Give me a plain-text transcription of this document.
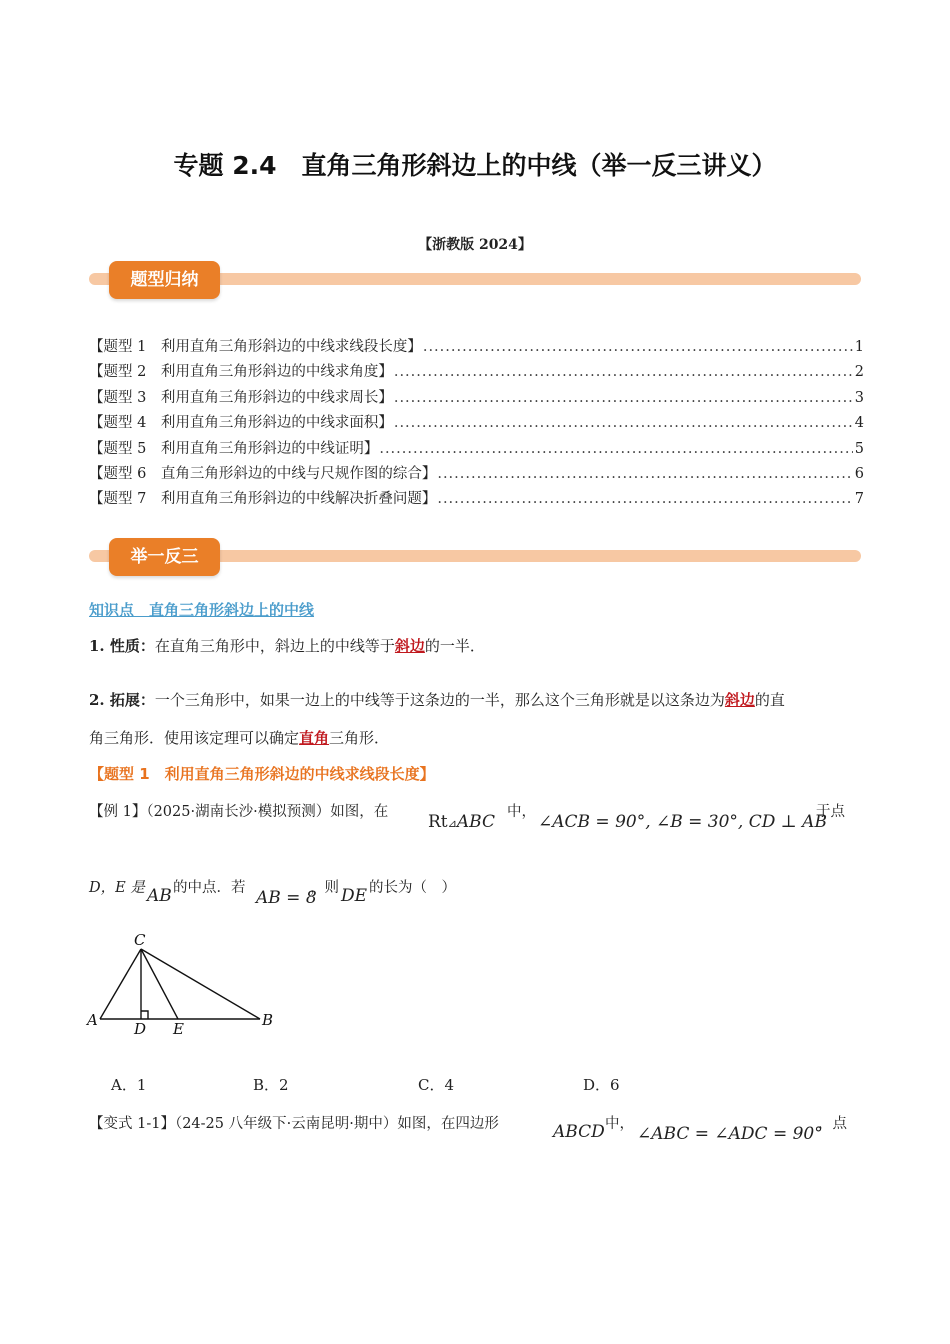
专题 2.4　直角三角形斜边上的中线（举一反三讲义）
【浙教版 2024】
题型归纳
【题型 1　利用直角三角形斜边的中线求线段长度】 .....	1
【题型 2　利用直角三角形斜边的中线求角度】 .....	2
【题型 3　利用直角三角形斜边的中线求周长】 .....	3
【题型 4　利用直角三角形斜边的中线求面积】 .....	4
【题型 5　利用直角三角形斜边的中线证明】 .....	5
【题型 6　直角三角形斜边的中线与尺规作图的综合】 .....	6
【题型 7　利用直角三角形斜边的中线解决折叠问题】 .....	7
举一反三
知识点　直角三角形斜边上的中线
1. 性质：在直角三角形中，斜边上的中线等于斜边的一半．
2. 拓展：一个三角形中，如果一边上的中线等于这条边的一半，那么这个三角形就是以这条边为斜边的直
角三角形．使用该定理可以确定直角三角形．
【题型 1　利用直角三角形斜边的中线求线段长度】
【例 1】（2025·湖南长沙·模拟预测）如图，在 Rt⊿ABC 中， ∠ACB = 90°, ∠B = 30°, CD ⊥ AB
于点
D，E 是 AB 的中点．若 AB = 8
，则 DE 的长为（　）
C
A D E	B
A．1	B．2	C．4	D．6
【变式 1-1】（24-25 八年级下·云南昆明·期中）如图，在四边形	ABCD 中， ∠ABC = ∠ADC = 90°
，点
